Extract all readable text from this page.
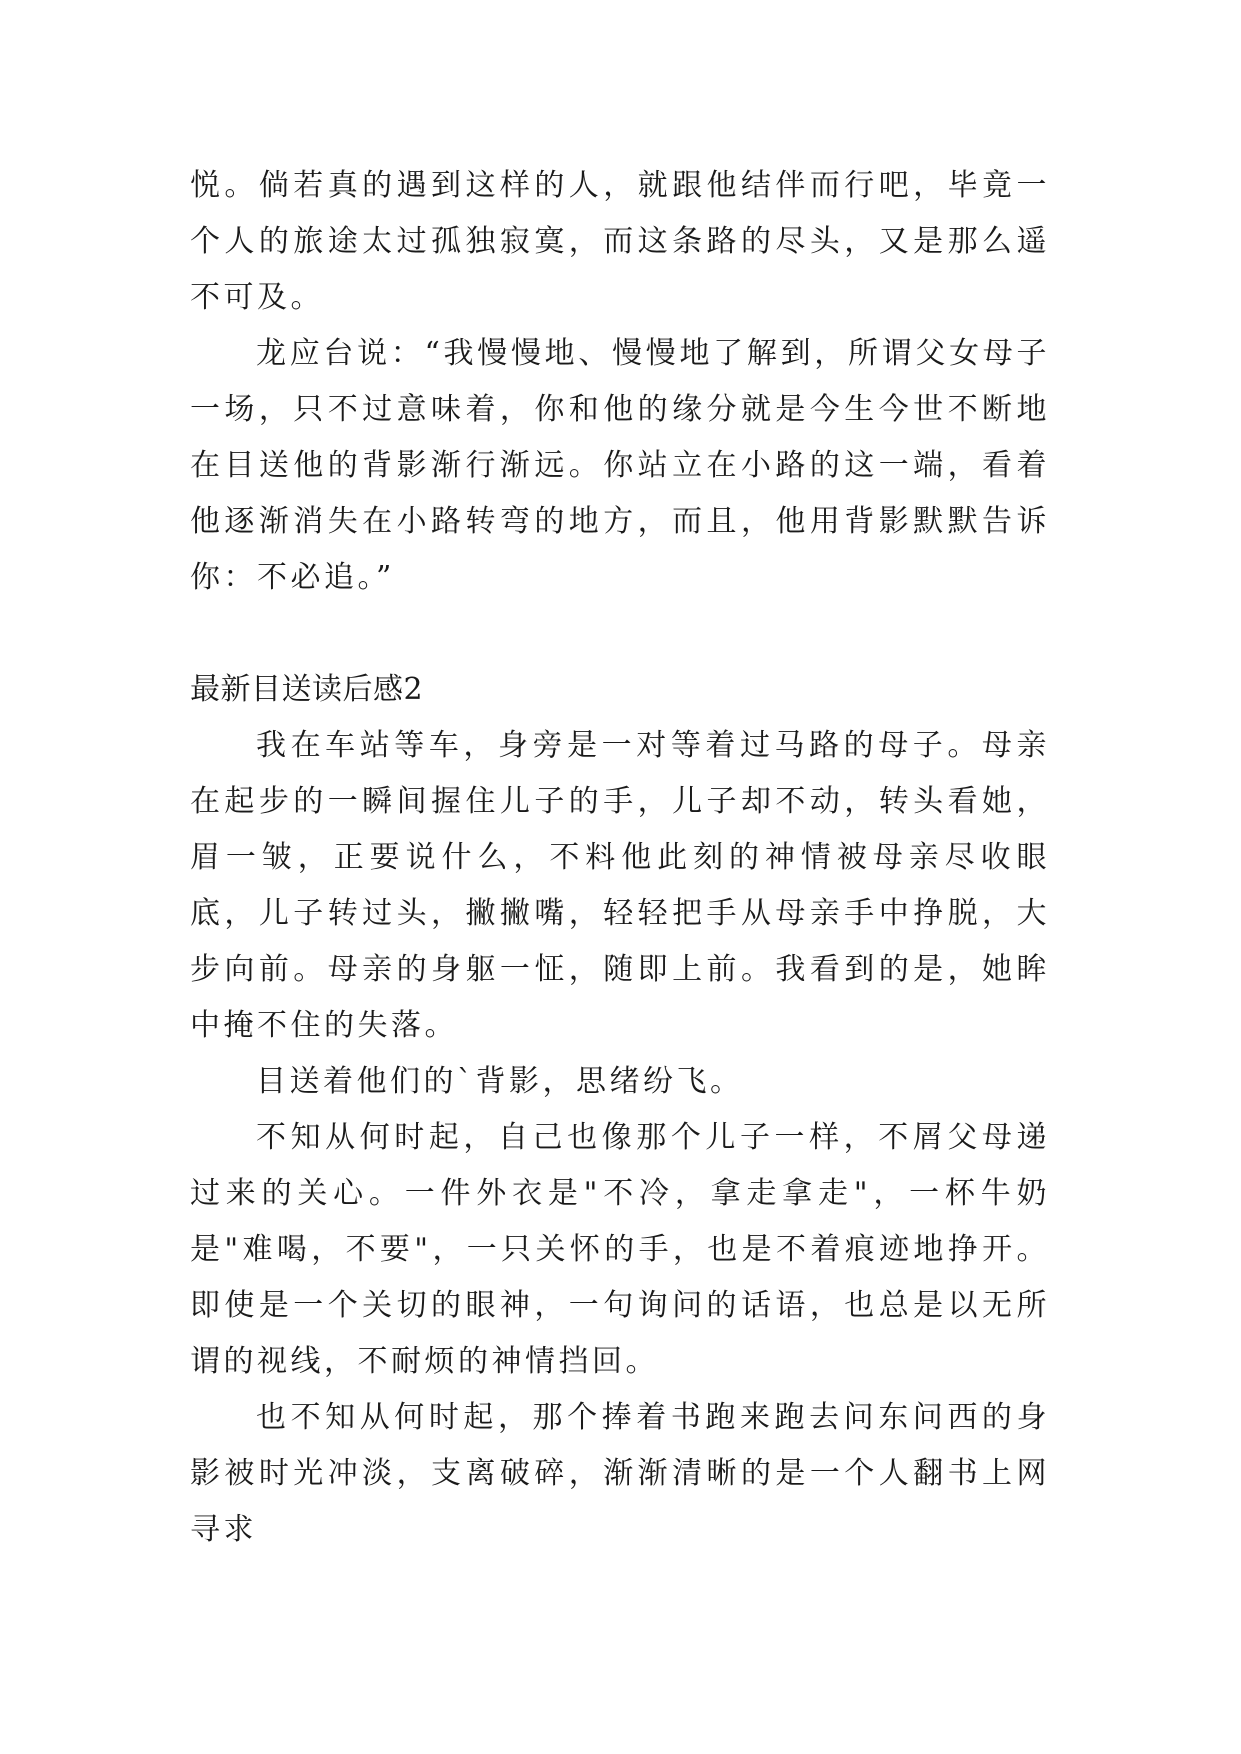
悦。倘若真的遇到这样的人，就跟他结伴而行吧，毕竟一个人的旅途太过孤独寂寞，而这条路的尽头，又是那么遥不可及。

龙应台说：“我慢慢地、慢慢地了解到，所谓父女母子一场，只不过意味着，你和他的缘分就是今生今世不断地在目送他的背影渐行渐远。你站立在小路的这一端，看着他逐渐消失在小路转弯的地方，而且，他用背影默默告诉你：不必追。”

最新目送读后感2

我在车站等车，身旁是一对等着过马路的母子。母亲在起步的一瞬间握住儿子的手，儿子却不动，转头看她，眉一皱，正要说什么，不料他此刻的神情被母亲尽收眼底，儿子转过头，撇撇嘴，轻轻把手从母亲手中挣脱，大步向前。母亲的身躯一怔，随即上前。我看到的是，她眸中掩不住的失落。

目送着他们的`背影，思绪纷飞。

不知从何时起，自己也像那个儿子一样，不屑父母递过来的关心。一件外衣是"不冷，拿走拿走"，一杯牛奶是"难喝，不要"，一只关怀的手，也是不着痕迹地挣开。即使是一个关切的眼神，一句询问的话语，也总是以无所谓的视线，不耐烦的神情挡回。

也不知从何时起，那个捧着书跑来跑去问东问西的身影被时光冲淡，支离破碎，渐渐清晰的是一个人翻书上网寻求
